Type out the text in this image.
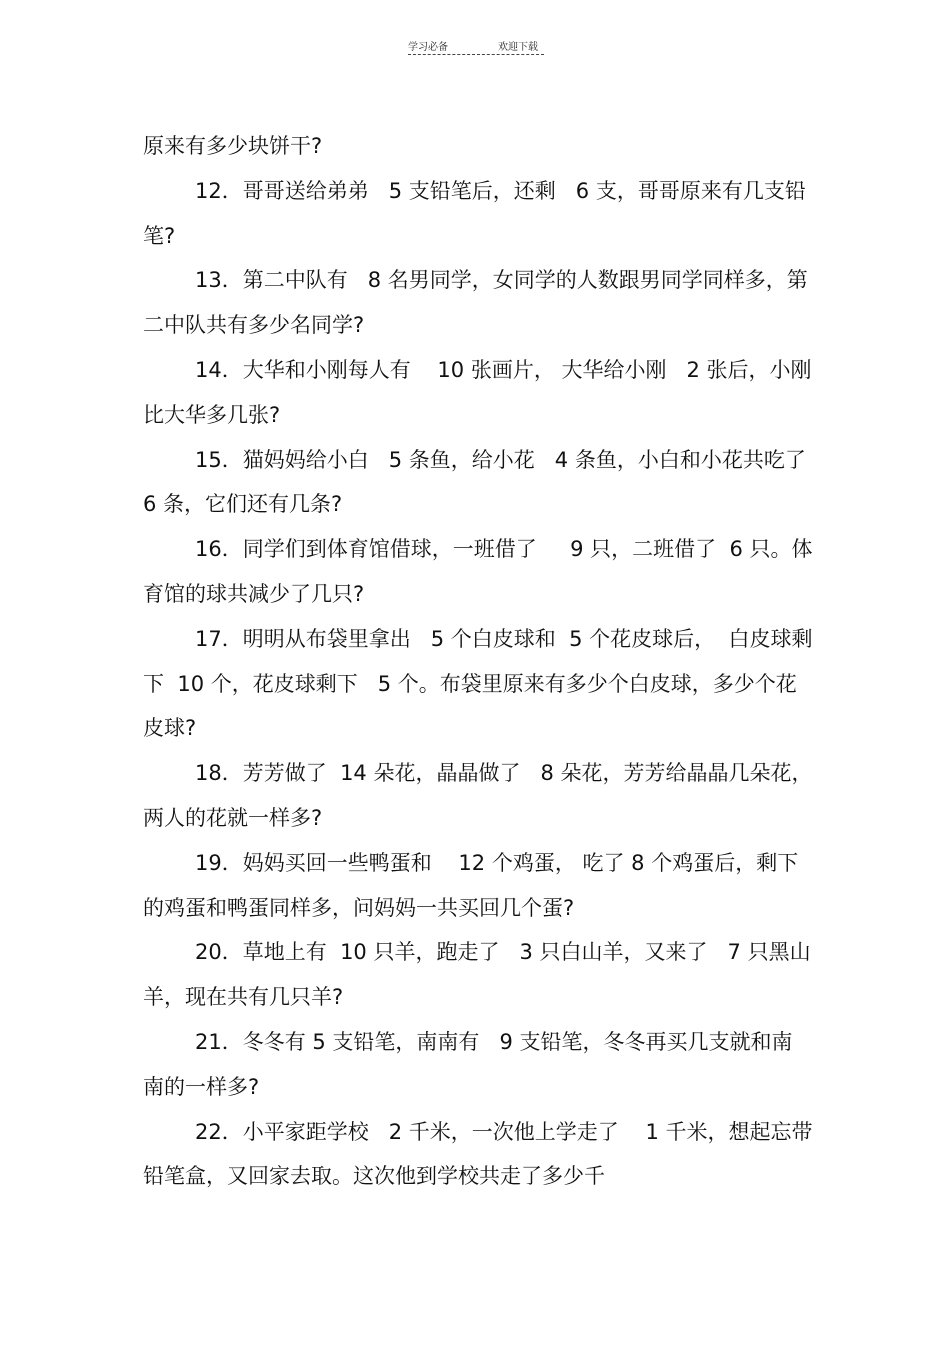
学习必备	欢迎下载

原来有多少块饼干?

12．哥哥送给弟弟   5 支铅笔后，还剩   6 支，哥哥原来有几支铅笔?

13．第二中队有   8 名男同学，女同学的人数跟男同学同样多，第二中队共有多少名同学?

14．大华和小刚每人有    10 张画片， 大华给小刚   2 张后，小刚比大华多几张?

15．猫妈妈给小白   5 条鱼，给小花   4 条鱼，小白和小花共吃了 6 条，它们还有几条?

16．同学们到体育馆借球，一班借了     9 只，二班借了  6 只。体育馆的球共减少了几只?

17．明明从布袋里拿出   5 个白皮球和  5 个花皮球后，  白皮球剩下  10 个，花皮球剩下   5 个。布袋里原来有多少个白皮球，多少个花皮球?

18．芳芳做了  14 朵花，晶晶做了   8 朵花，芳芳给晶晶几朵花，两人的花就一样多?

19．妈妈买回一些鸭蛋和    12 个鸡蛋， 吃了 8 个鸡蛋后，剩下的鸡蛋和鸭蛋同样多，问妈妈一共买回几个蛋?

20．草地上有  10 只羊，跑走了   3 只白山羊，又来了   7 只黑山羊，现在共有几只羊?

21．冬冬有 5 支铅笔，南南有   9 支铅笔，冬冬再买几支就和南南的一样多?

22．小平家距学校   2 千米，一次他上学走了    1 千米，想起忘带铅笔盒，又回家去取。这次他到学校共走了多少千
